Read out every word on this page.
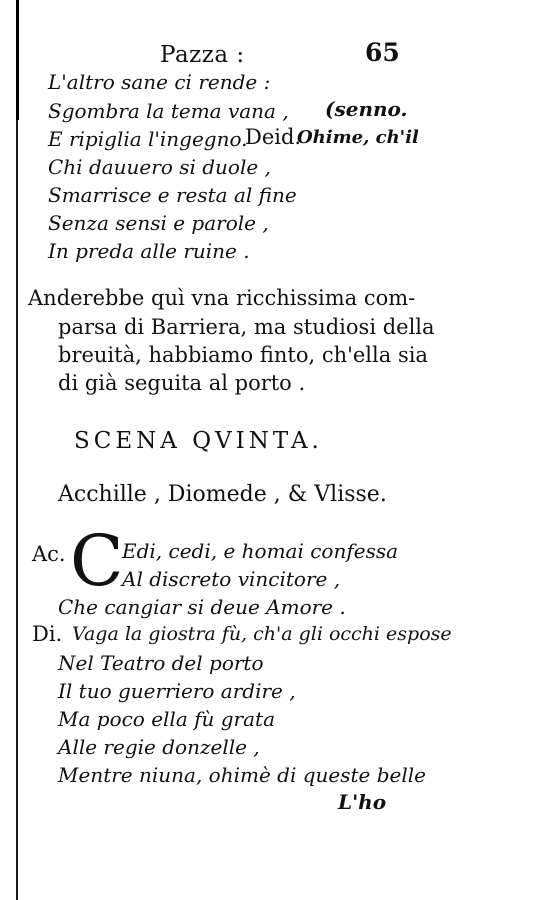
Pazza :	65
L'altro sane ci rende :
Sgombra la tema vana , (senno.
E ripiglia l'ingegno.
Deid.
Ohime, ch'il
Chi dauuero si duole ,
Smarrisce e resta al fine
Senza sensi e parole ,
In preda alle ruine .
Anderebbe quì vna ricchissima com-
parsa di Barriera, ma studiosi della
breuità, habbiamo finto, ch'ella sia
di già seguita al porto .
SCENA QVINTA.
Acchille , Diomede , & Vlisse.
Ac. C
Edi, cedi, e homai confessa
Al discreto vincitore ,
Che cangiar si deue Amore .
Di. Vaga la giostra fù, ch'a gli occhi espose
Nel Teatro del porto
Il tuo guerriero ardire ,
Ma poco ella fù grata
Alle regie donzelle ,
Mentre niuna, ohimè di queste belle
L'ho
